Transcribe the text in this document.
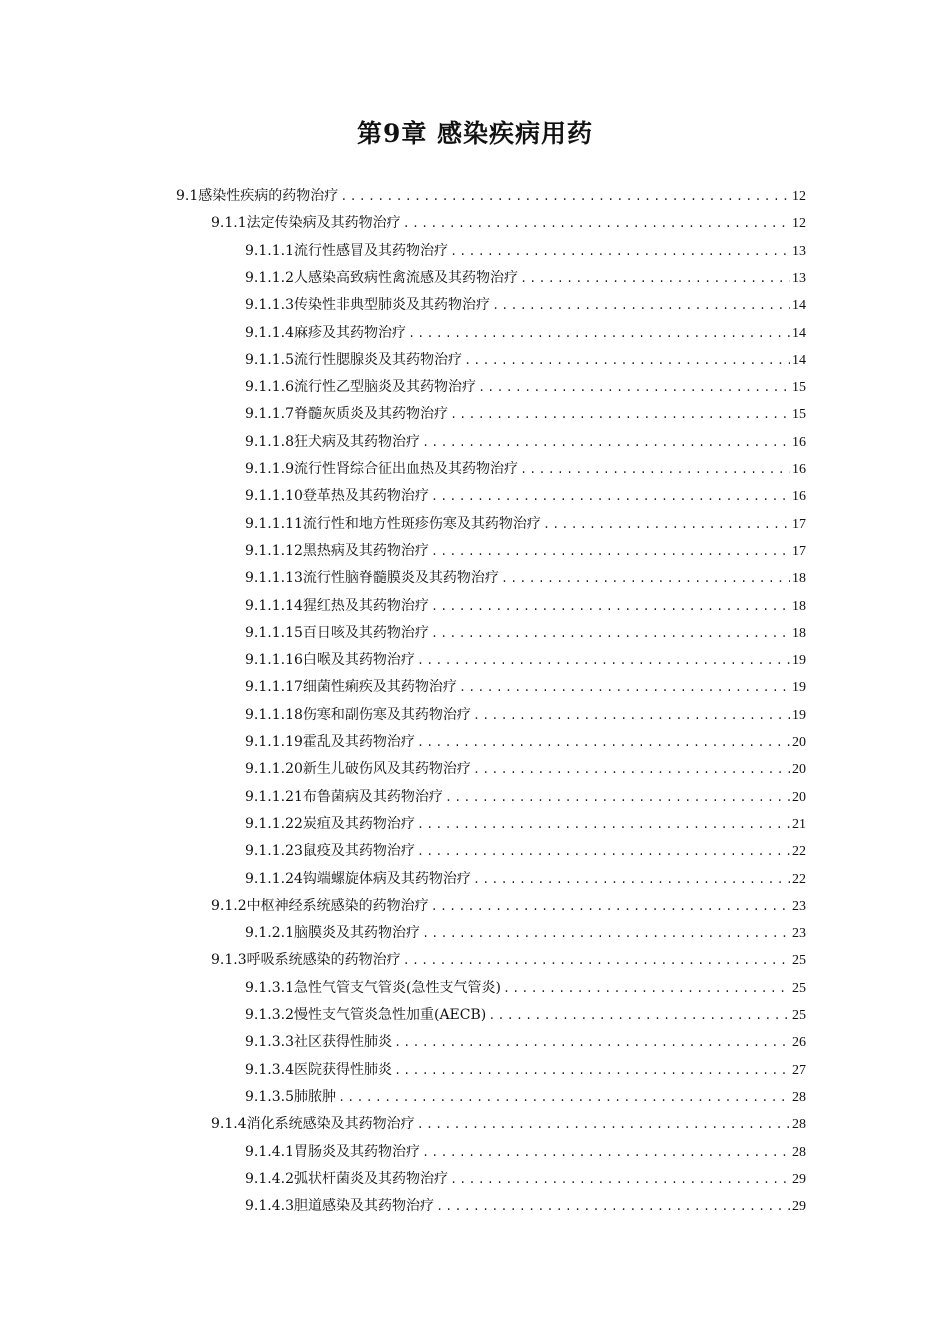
第9章 感染疾病用药
9.1感染性疾病的药物治疗 .....	12
9.1.1法定传染病及其药物治疗 .....	12
9.1.1.1流行性感冒及其药物治疗 .....	13
9.1.1.2人感染高致病性禽流感及其药物治疗 .....	13
9.1.1.3传染性非典型肺炎及其药物治疗 .....	14
9.1.1.4麻疹及其药物治疗 .....	14
9.1.1.5流行性腮腺炎及其药物治疗 .....	14
9.1.1.6流行性乙型脑炎及其药物治疗 .....	15
9.1.1.7脊髓灰质炎及其药物治疗 .....	15
9.1.1.8狂犬病及其药物治疗 .....	16
9.1.1.9流行性肾综合征出血热及其药物治疗 .....	16
9.1.1.10登革热及其药物治疗 .....	16
9.1.1.11流行性和地方性斑疹伤寒及其药物治疗 .....	17
9.1.1.12黑热病及其药物治疗 .....	17
9.1.1.13流行性脑脊髓膜炎及其药物治疗 .....	18
9.1.1.14猩红热及其药物治疗 .....	18
9.1.1.15百日咳及其药物治疗 .....	18
9.1.1.16白喉及其药物治疗 .....	19
9.1.1.17细菌性痢疾及其药物治疗 .....	19
9.1.1.18伤寒和副伤寒及其药物治疗 .....	19
9.1.1.19霍乱及其药物治疗 .....	20
9.1.1.20新生儿破伤风及其药物治疗 .....	20
9.1.1.21布鲁菌病及其药物治疗 .....	20
9.1.1.22炭疽及其药物治疗 .....	21
9.1.1.23鼠疫及其药物治疗 .....	22
9.1.1.24钩端螺旋体病及其药物治疗 .....	22
9.1.2中枢神经系统感染的药物治疗 .....	23
9.1.2.1脑膜炎及其药物治疗 .....	23
9.1.3呼吸系统感染的药物治疗 .....	25
9.1.3.1急性气管支气管炎(急性支气管炎) .....	25
9.1.3.2慢性支气管炎急性加重(AECB) .....	25
9.1.3.3社区获得性肺炎 .....	26
9.1.3.4医院获得性肺炎 .....	27
9.1.3.5肺脓肿 .....	28
9.1.4消化系统感染及其药物治疗 .....	28
9.1.4.1胃肠炎及其药物治疗 .....	28
9.1.4.2弧状杆菌炎及其药物治疗 .....	29
9.1.4.3胆道感染及其药物治疗 .....	29
